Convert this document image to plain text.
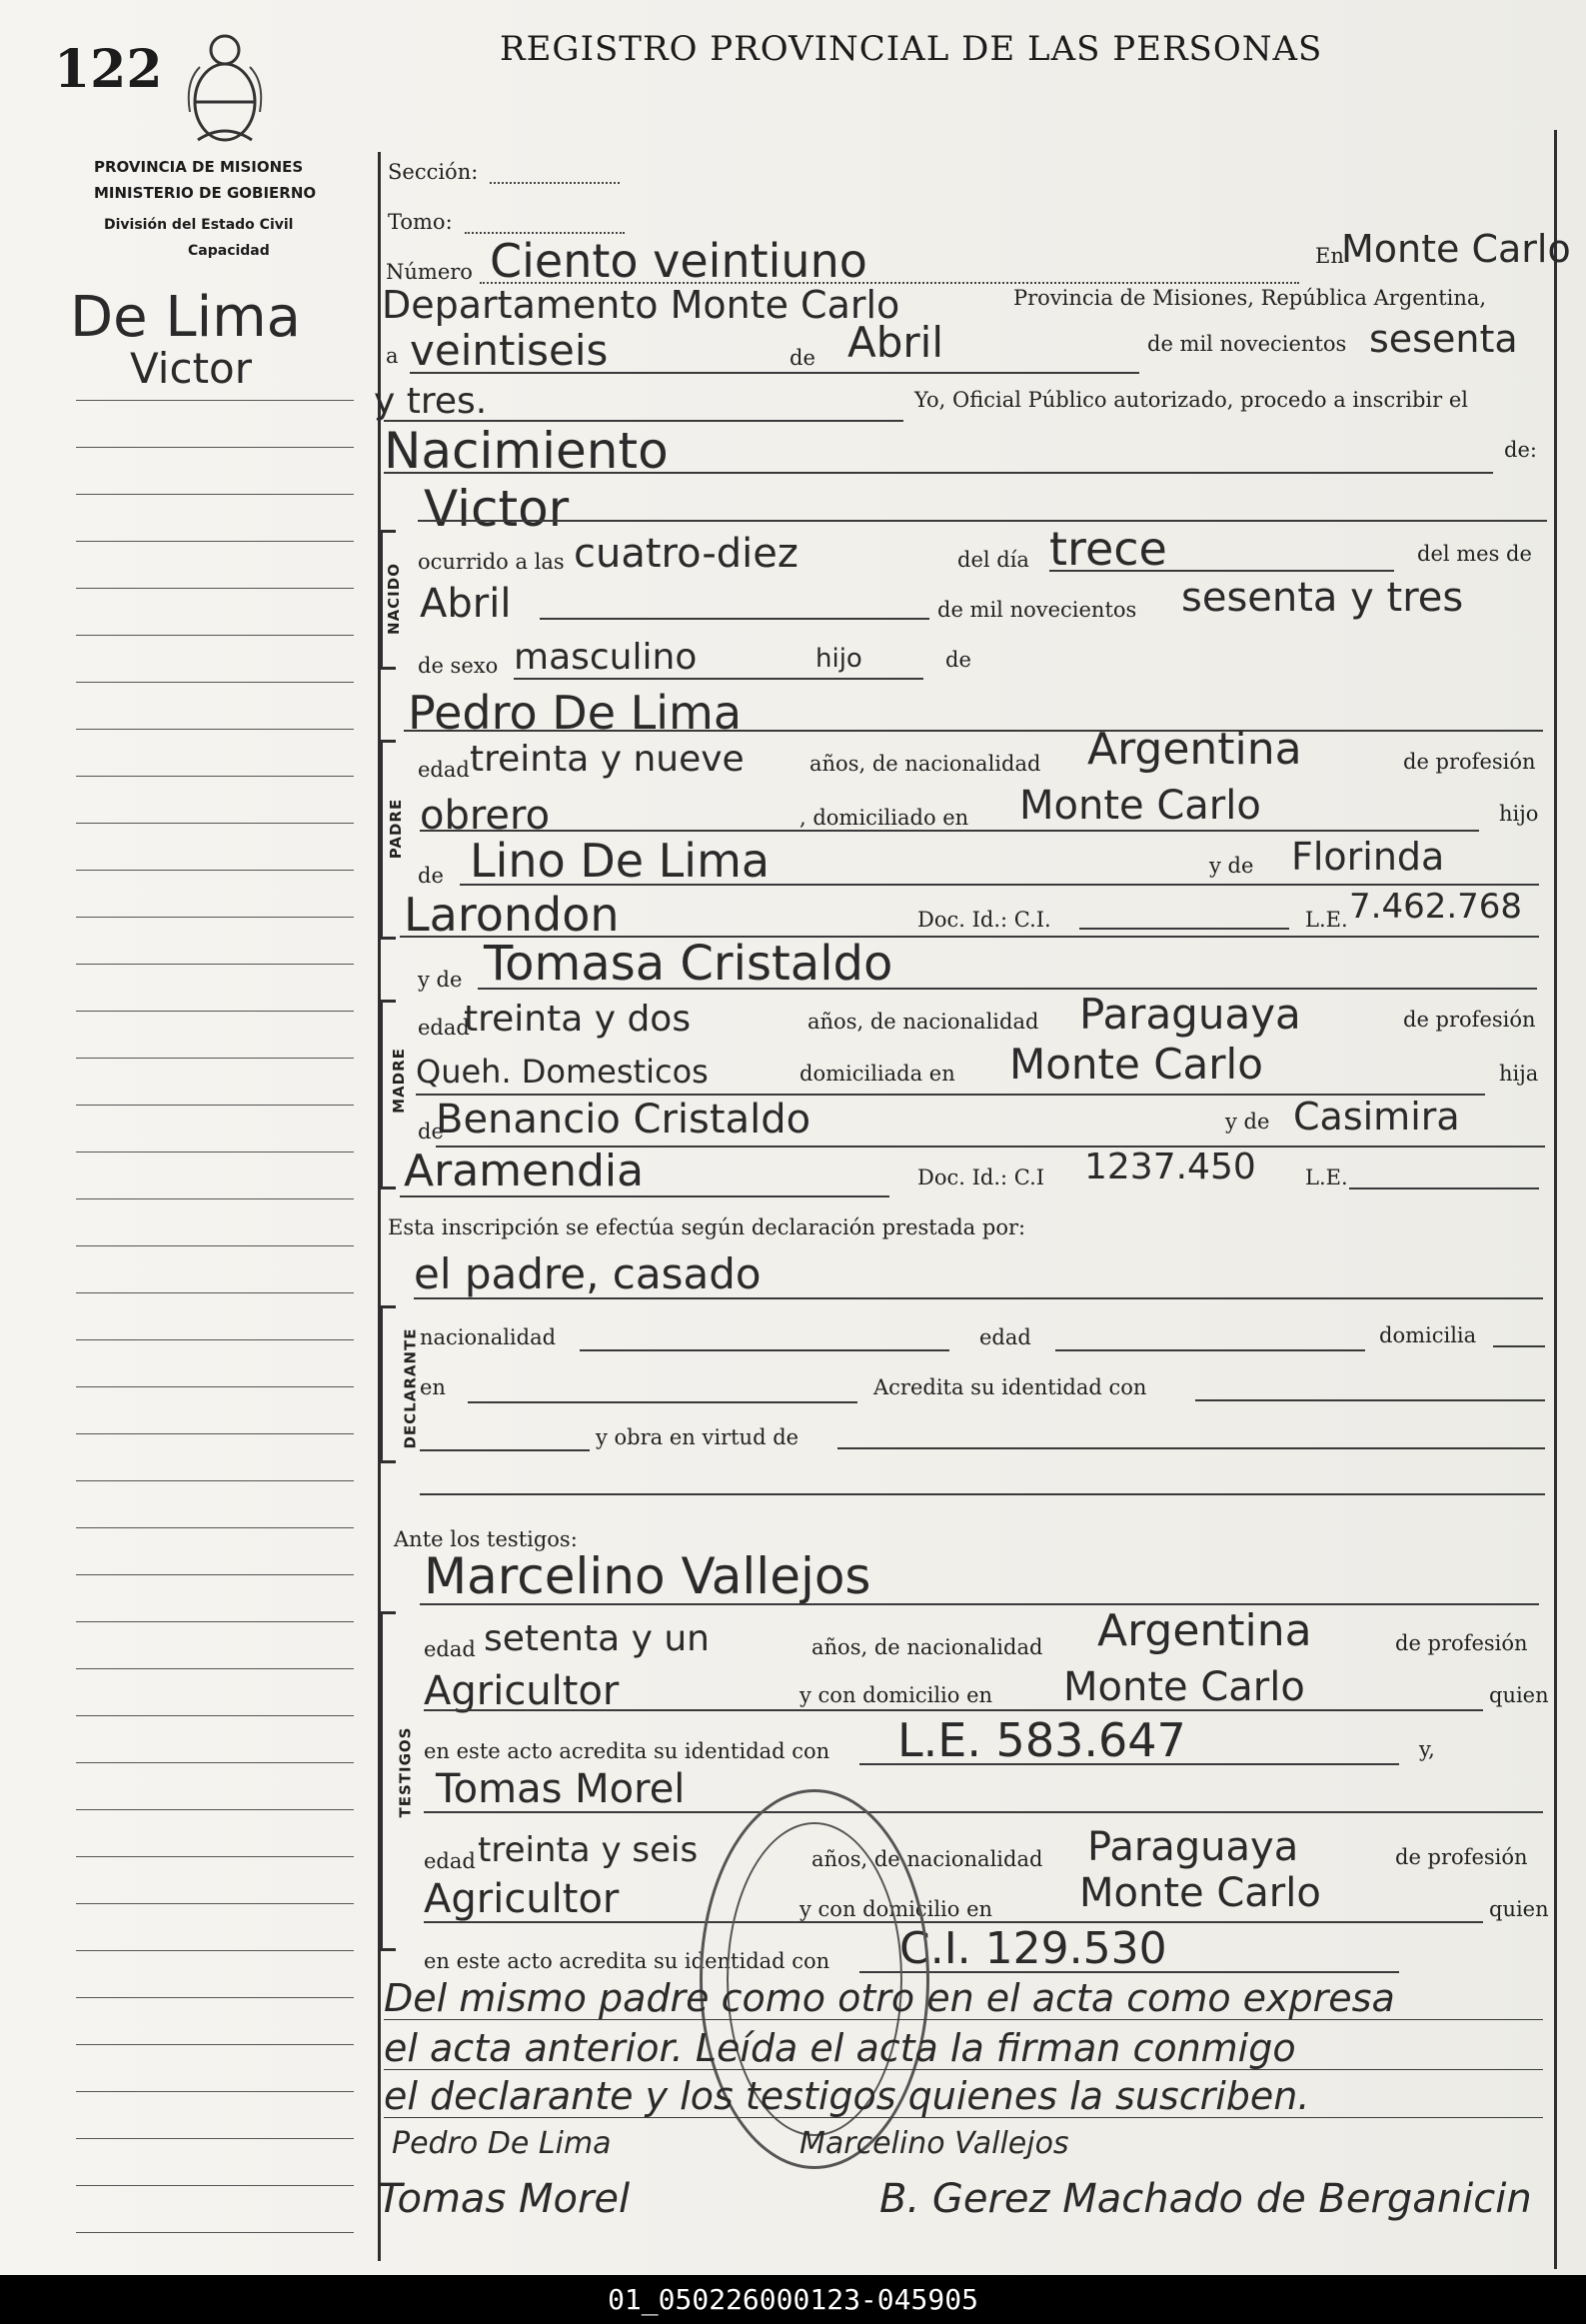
122	REGISTRO PROVINCIAL DE LAS PERSONAS
PROVINCIA DE MISIONES
MINISTERIO DE GOBIERNO
División del Estado Civil
Capacidad
De Lima
Victor
Sección:
Tomo:
Número Ciento veintiuno	En
Monte Carlo
Departamento Monte Carlo	Provincia de Misiones, República Argentina,
a veintiseis	de Abril	de mil novecientos sesenta
y tres.	Yo, Oficial Público autorizado, procedo a inscribir el
Nacimiento	de:
Victor
NACIDO
ocurrido a las cuatro-diez	del día trece	del mes de
Abril	de mil novecientos sesenta y tres
de sexo masculino	hijo	de
Pedro De Lima
PADRE
edad treinta y nueve	años, de nacionalidad Argentina	de profesión
obrero	, domiciliado en Monte Carlo	hijo
de Lino De Lima	y de Florinda
Larondon	Doc. Id.: C.I.	L.E. 7.462.768
y de Tomasa Cristaldo
MADRE
edad
treinta y dos	años, de nacionalidad Paraguaya	de profesión
Queh. Domesticos	domiciliada en Monte Carlo	hija
de
Benancio Cristaldo	y de Casimira
Aramendia	Doc. Id.: C.I 1237.450 L.E.
Esta inscripción se efectúa según declaración prestada por:
el padre, casado
DECLARANTE nacionalidad	edad	domicilia
en	Acredita su identidad con
y obra en virtud de
Ante los testigos:
Marcelino Vallejos
TESTIGOS
edad setenta y un	años, de nacionalidad Argentina	de profesión
Agricultor	y con domicilio en Monte Carlo	quien
en este acto acredita su identidad con L.E. 583.647	y,
Tomas Morel
edad treinta y seis	años, de nacionalidad Paraguaya	de profesión
Agricultor	y con domicilio en Monte Carlo	quien
en este acto acredita su identidad con C.I. 129.530
Del mismo padre como otro en el acta como expresa
el acta anterior. Leída el acta la firman conmigo
el declarante y los testigos quienes la suscriben.
Pedro De Lima	Marcelino Vallejos
Tomas Morel	B. Gerez Machado de Berganicin
01_050226000123-045905
